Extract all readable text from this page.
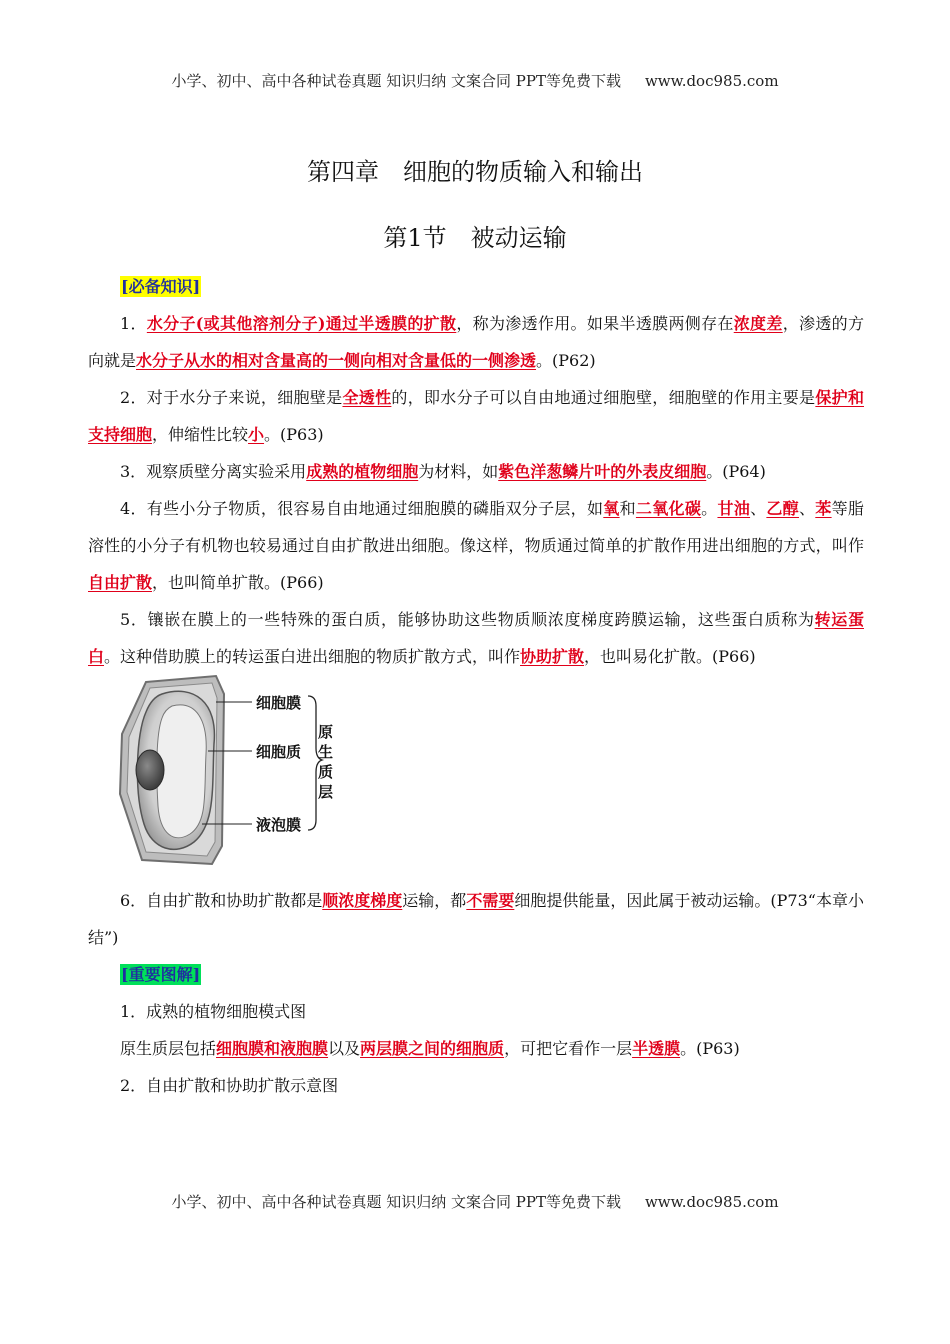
小学、初中、高中各种试卷真题 知识归纳 文案合同 PPT等免费下载 www.doc985.com
第四章　细胞的物质输入和输出
第1节　被动运输

[必备知识]

1．水分子(或其他溶剂分子)通过半透膜的扩散，称为渗透作用。如果半透膜两侧存在浓度差，渗透的方向就是水分子从水的相对含量高的一侧向相对含量低的一侧渗透。(P62)

2．对于水分子来说，细胞壁是全透性的，即水分子可以自由地通过细胞壁，细胞壁的作用主要是保护和支持细胞，伸缩性比较小。(P63)

3．观察质壁分离实验采用成熟的植物细胞为材料，如紫色洋葱鳞片叶的外表皮细胞。(P64)

4．有些小分子物质，很容易自由地通过细胞膜的磷脂双分子层，如氧和二氧化碳。甘油、乙醇、苯等脂溶性的小分子有机物也较易通过自由扩散进出细胞。像这样，物质通过简单的扩散作用进出细胞的方式，叫作自由扩散，也叫简单扩散。(P66)

5．镶嵌在膜上的一些特殊的蛋白质，能够协助这些物质顺浓度梯度跨膜运输，这些蛋白质称为转运蛋白。这种借助膜上的转运蛋白进出细胞的物质扩散方式，叫作协助扩散，也叫易化扩散。(P66)

细胞膜
细胞质
液泡膜
原
生
质
层

6．自由扩散和协助扩散都是顺浓度梯度运输，都不需要细胞提供能量，因此属于被动运输。(P73“本章小结”)

[重要图解]

1．成熟的植物细胞模式图

原生质层包括细胞膜和液胞膜以及两层膜之间的细胞质，可把它看作一层半透膜。(P63)

2．自由扩散和协助扩散示意图

小学、初中、高中各种试卷真题 知识归纳 文案合同 PPT等免费下载 www.doc985.com
